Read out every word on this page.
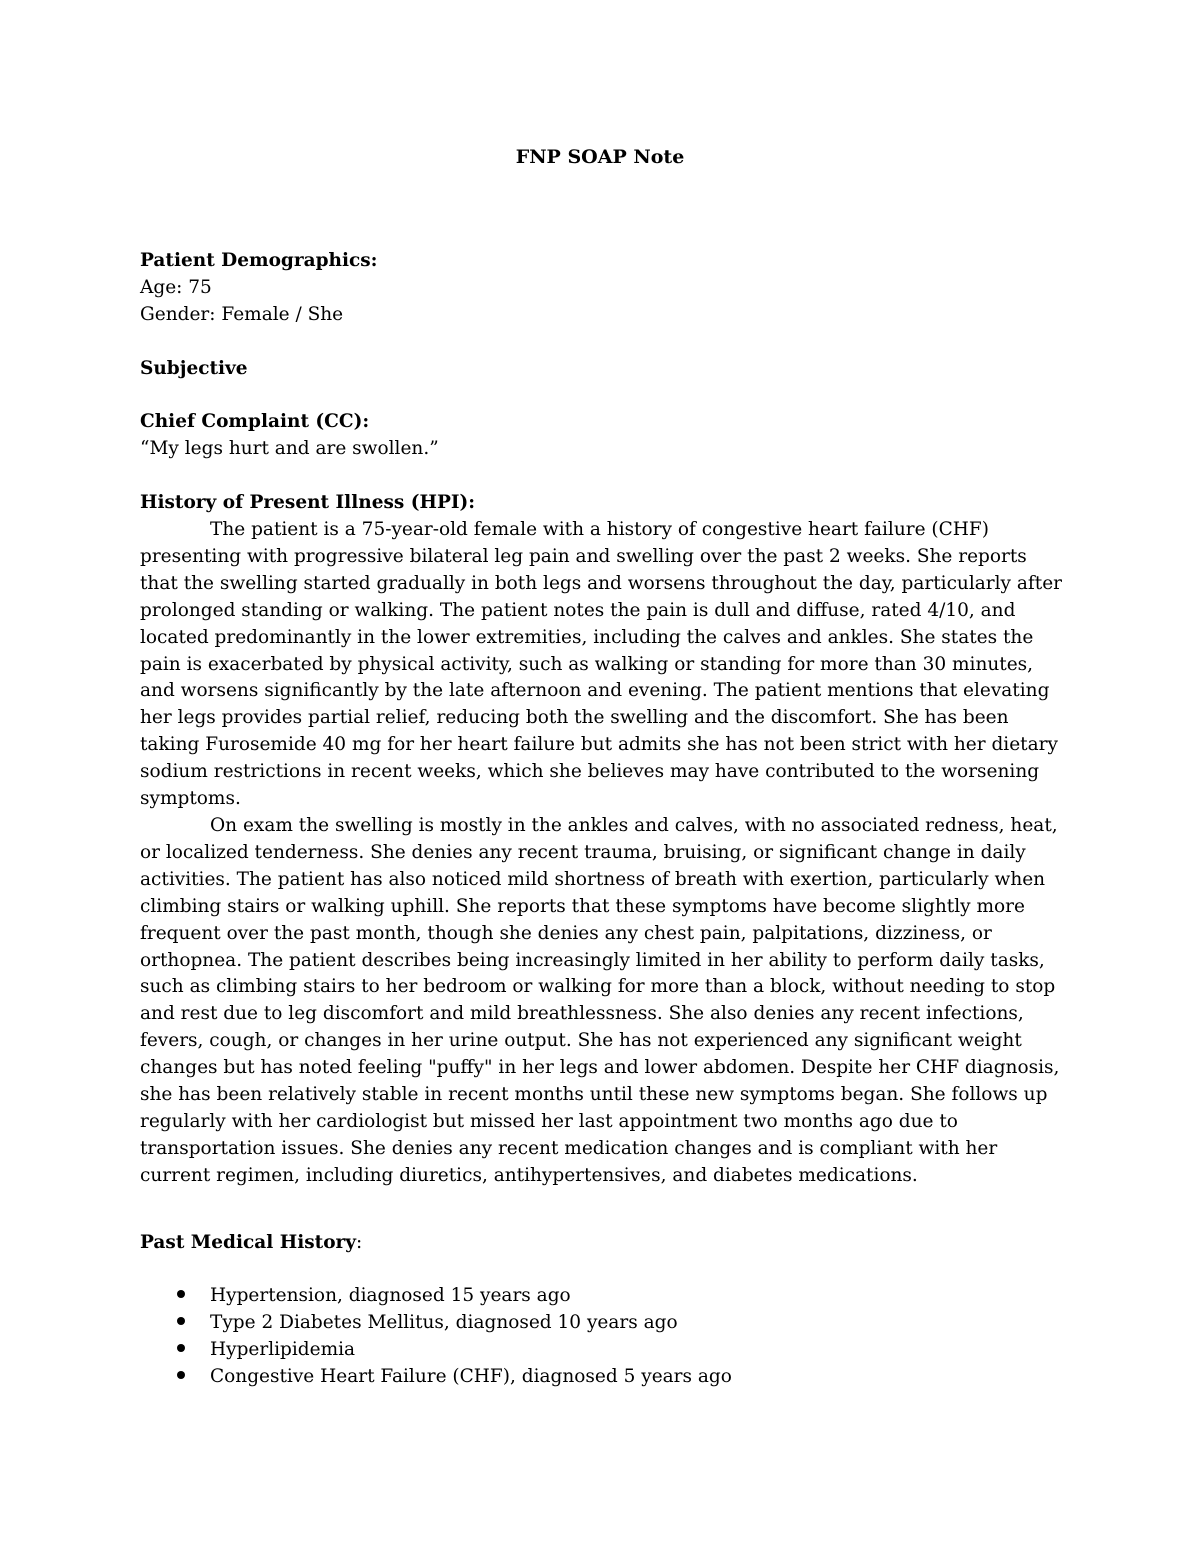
FNP SOAP Note
Patient Demographics:

Age: 75

Gender: Female / She

Subjective
Chief Complaint (CC):

“My legs hurt and are swollen.”

History of Present Illness (HPI):

The patient is a 75-year-old female with a history of congestive heart failure (CHF) presenting with progressive bilateral leg pain and swelling over the past 2 weeks. She reports that the swelling started gradually in both legs and worsens throughout the day, particularly after prolonged standing or walking. The patient notes the pain is dull and diffuse, rated 4/10, and located predominantly in the lower extremities, including the calves and ankles. She states the pain is exacerbated by physical activity, such as walking or standing for more than 30 minutes, and worsens significantly by the late afternoon and evening. The patient mentions that elevating her legs provides partial relief, reducing both the swelling and the discomfort. She has been taking Furosemide 40 mg for her heart failure but admits she has not been strict with her dietary sodium restrictions in recent weeks, which she believes may have contributed to the worsening symptoms.

On exam the swelling is mostly in the ankles and calves, with no associated redness, heat, or localized tenderness. She denies any recent trauma, bruising, or significant change in daily activities. The patient has also noticed mild shortness of breath with exertion, particularly when climbing stairs or walking uphill. She reports that these symptoms have become slightly more frequent over the past month, though she denies any chest pain, palpitations, dizziness, or orthopnea. The patient describes being increasingly limited in her ability to perform daily tasks, such as climbing stairs to her bedroom or walking for more than a block, without needing to stop and rest due to leg discomfort and mild breathlessness. She also denies any recent infections, fevers, cough, or changes in her urine output. She has not experienced any significant weight changes but has noted feeling "puffy" in her legs and lower abdomen. Despite her CHF diagnosis, she has been relatively stable in recent months until these new symptoms began. She follows up regularly with her cardiologist but missed her last appointment two months ago due to transportation issues. She denies any recent medication changes and is compliant with her current regimen, including diuretics, antihypertensives, and diabetes medications.

Past Medical History:
Hypertension, diagnosed 15 years ago
Type 2 Diabetes Mellitus, diagnosed 10 years ago
Hyperlipidemia
Congestive Heart Failure (CHF), diagnosed 5 years ago
